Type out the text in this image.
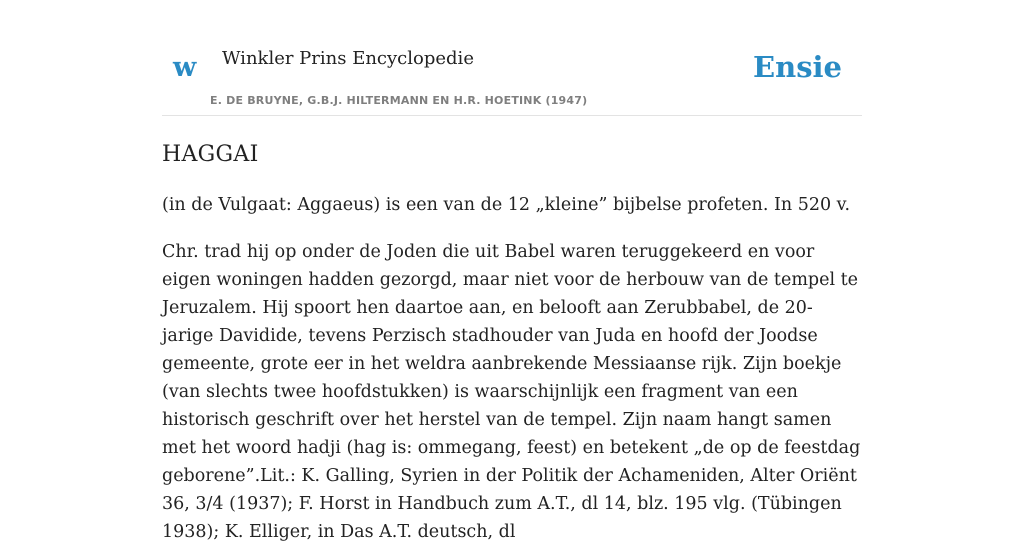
w Winkler Prins Encyclopedie
E. DE BRUYNE, G.B.J. HILTERMANN EN H.R. HOETINK (1947)
Ensie
HAGGAI

(in de Vulgaat: Aggaeus) is een van de 12 „kleine” bijbelse profeten. In 520 v.

Chr. trad hij op onder de Joden die uit Babel waren teruggekeerd en voor eigen woningen hadden gezorgd, maar niet voor de herbouw van de tempel te Jeruzalem. Hij spoort hen daartoe aan, en belooft aan Zerubbabel, de 20-jarige Davidide, tevens Perzisch stadhouder van Juda en hoofd der Joodse gemeente, grote eer in het weldra aanbrekende Messiaanse rijk. Zijn boekje (van slechts twee hoofdstukken) is waarschijnlijk een fragment van een historisch geschrift over het herstel van de tempel. Zijn naam hangt samen met het woord hadji (hag is: ommegang, feest) en betekent „de op de feestdag geborene”.Lit.: K. Galling, Syrien in der Politik der Achameniden, Alter Oriënt 36, 3/4 (1937); F. Horst in Handbuch zum A.T., dl 14, blz. 195 vlg. (Tübingen 1938); K. Elliger, in Das A.T. deutsch, dl
